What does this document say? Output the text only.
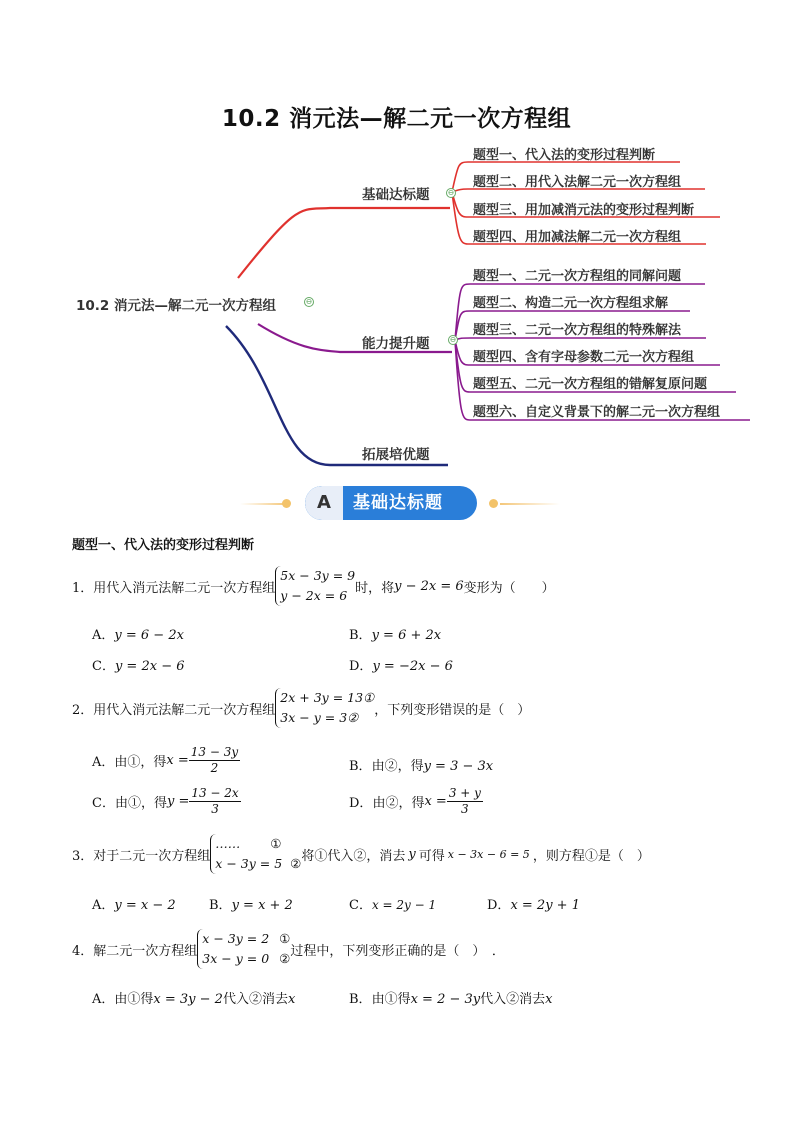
10.2 消元法—解二元一次方程组
10.2 消元法—解二元一次方程组	⊖
基础达标题 ⊖
题型一、代入法的变形过程判断
题型二、用代入法解二元一次方程组
题型三、用加减消元法的变形过程判断
题型四、用加减法解二元一次方程组
能力提升题	⊖
题型一、二元一次方程组的同解问题
题型二、构造二元一次方程组求解
题型三、二元一次方程组的特殊解法
题型四、含有字母参数二元一次方程组
题型五、二元一次方程组的错解复原问题
题型六、自定义背景下的解二元一次方程组
拓展培优题
A	基础达标题
题型一、代入法的变形过程判断
1． 用代入消元法解二元一次方程组
5x − 3y = 9
y − 2x = 6 时，将 y − 2x = 6 变形为（　　）
A．y = 6 − 2x	B．y = 6 + 2x
C．y = 2x − 6	D．y = −2x − 6
2． 用代入消元法解二元一次方程组
2x + 3y = 13①
3x − y = 3②	，下列变形错误的是（　）
A． 由①，得 $x = \frac{13 - 3y}{2}$	B．由②，得y = 3 − 3x
C． 由①，得 $y = \frac{13 - 2x}{3}$	D． 由②，得 $x = \frac{3 + y}{3}$
3． 对于二元一次方程组
…… ①
x − 3y = 5 ② 将①代入②，消去 y 可得 x − 3x − 6 = 5 ，则方程①是（　）
A．y = x − 2	B．y = x + 2	C．x = 2y − 1	D．x = 2y + 1
4． 解二元一次方程组
x − 3y = 2 ①
3x − y = 0 ② 过程中，下列变形正确的是（　）　．
A．由①得x = 3y − 2代入②消去x	B．由①得x = 2 − 3y代入②消去x
